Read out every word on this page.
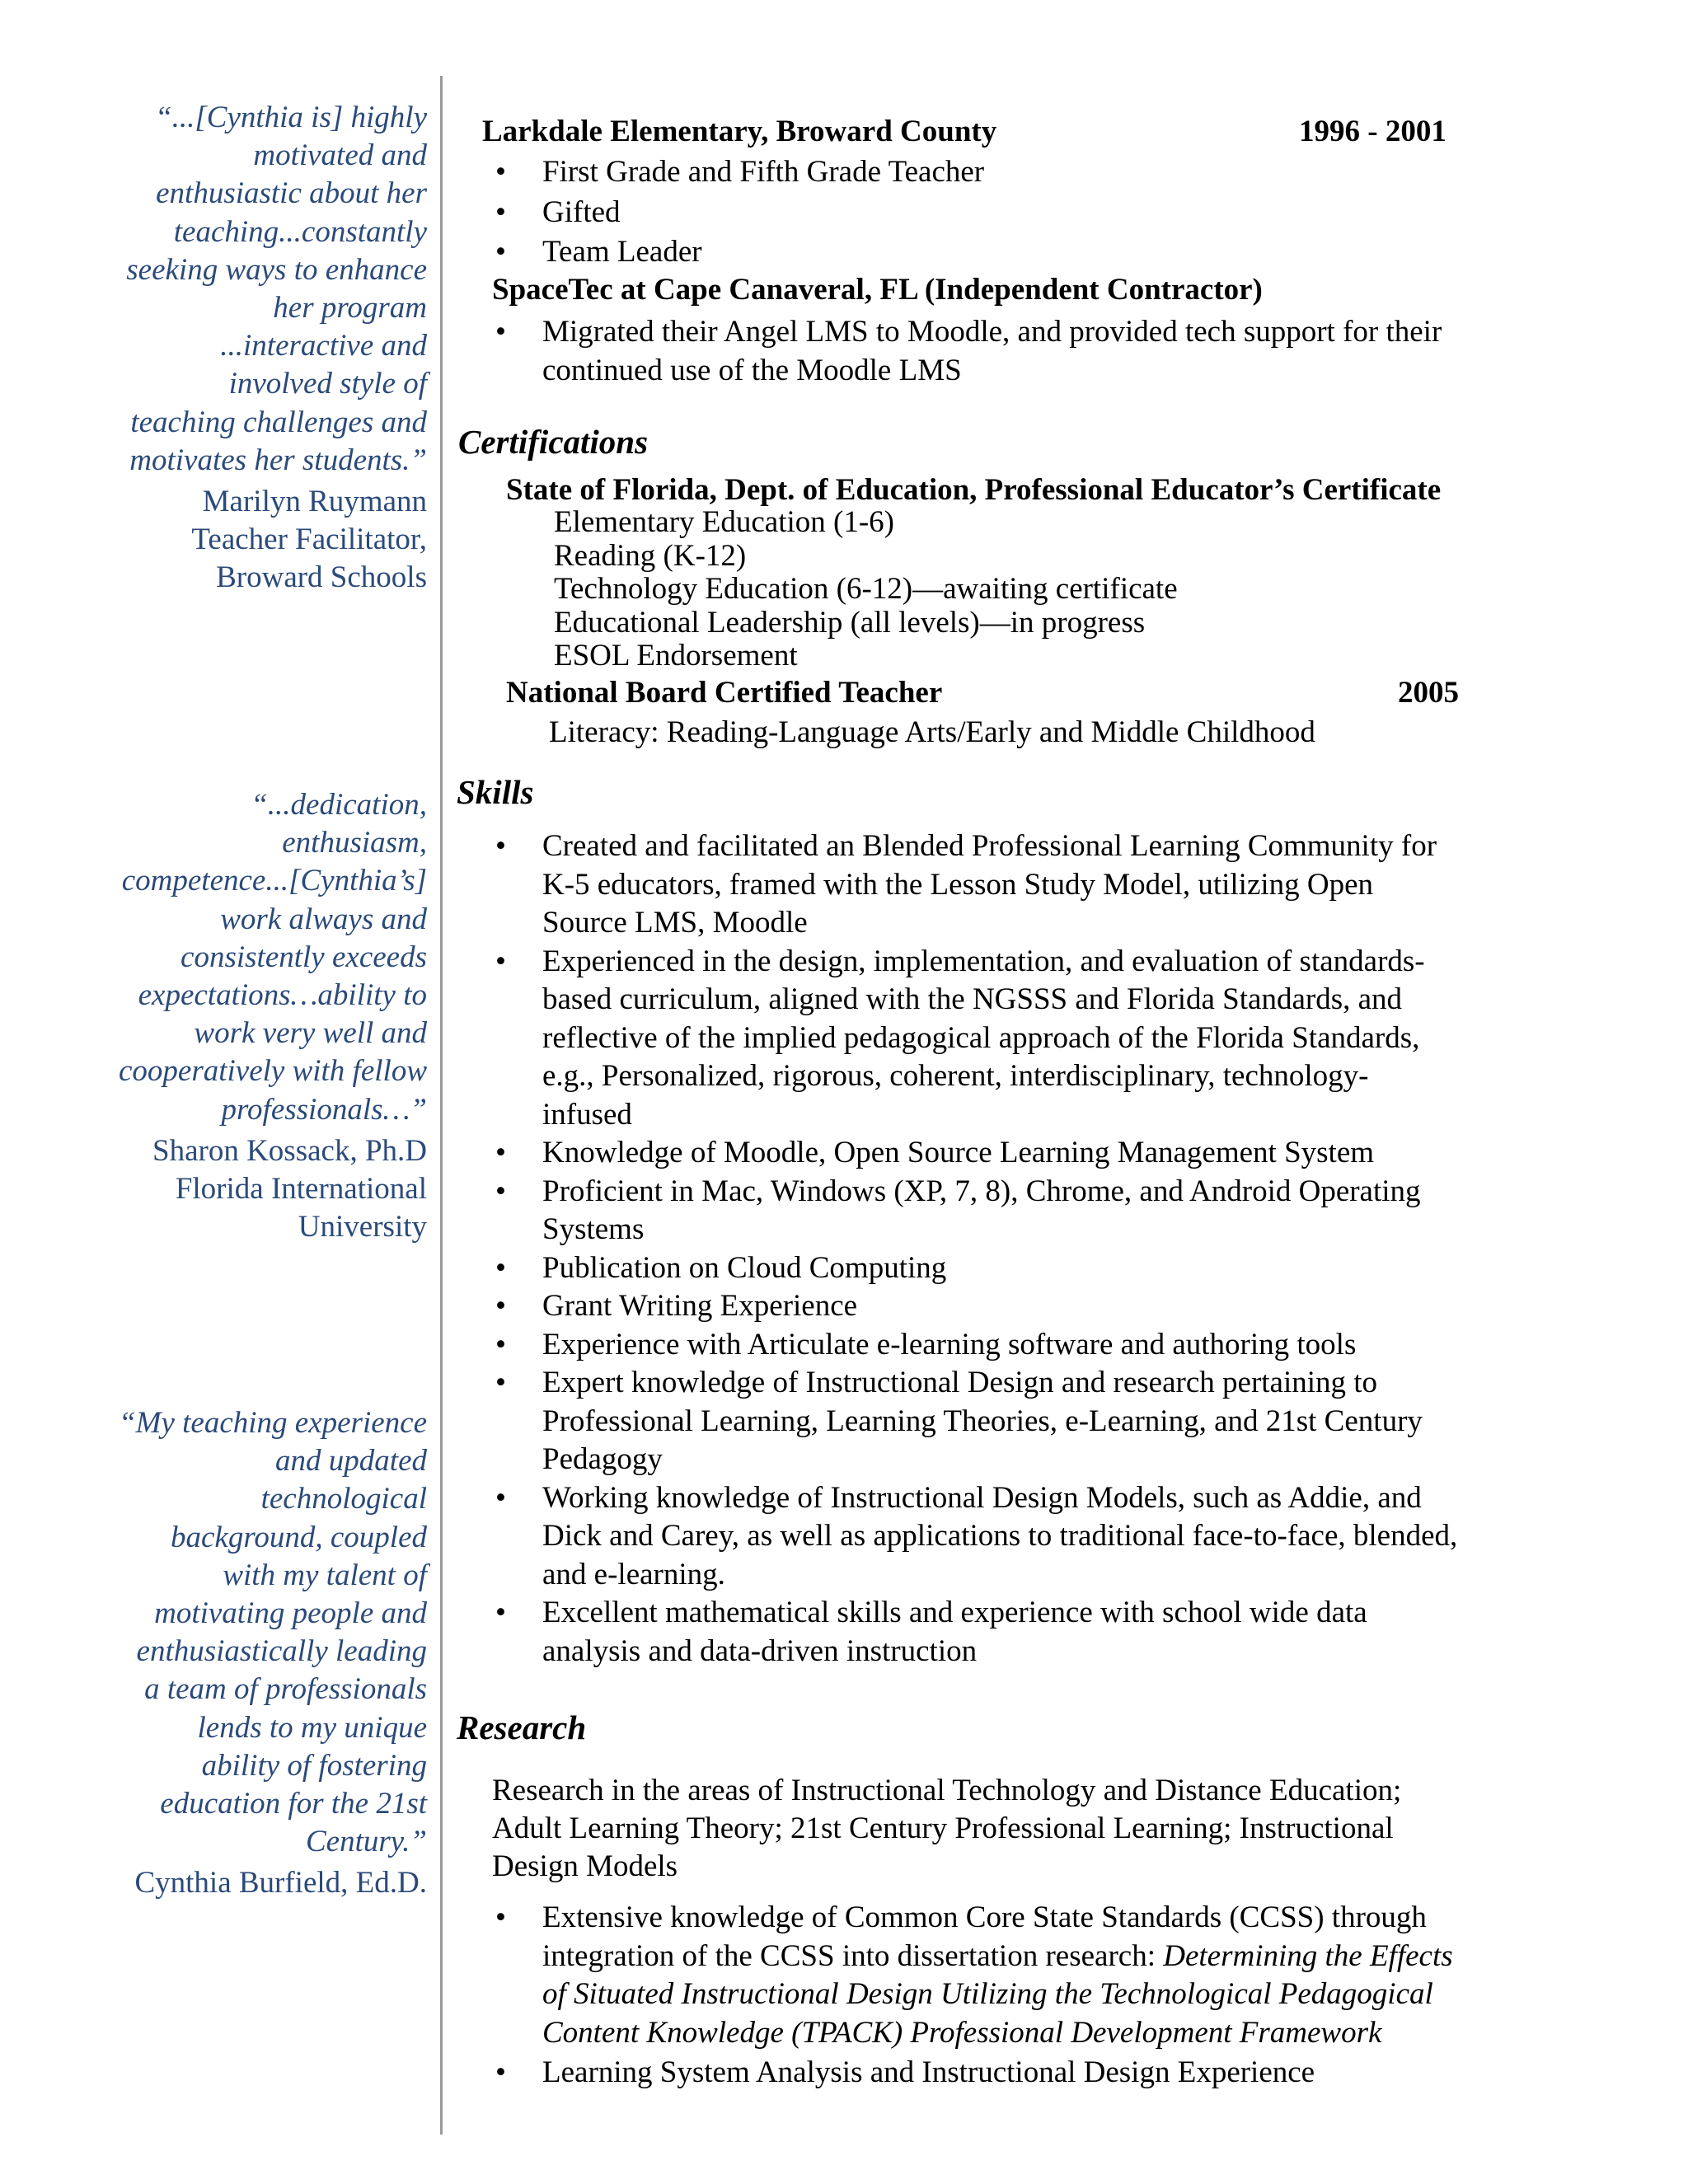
“...[Cynthia is] highly
motivated and
enthusiastic about her
teaching...constantly
seeking ways to enhance
her program
...interactive and
involved style of
teaching challenges and
motivates her students.”

Marilyn Ruymann
Teacher Facilitator,
Broward Schools

“...dedication,
enthusiasm,
competence...[Cynthia’s]
work always and
consistently exceeds
expectations…ability to
work very well and
cooperatively with fellow
professionals…”

Sharon Kossack, Ph.D
Florida International
University

“My teaching experience
and updated
technological
background, coupled
with my talent of
motivating people and
enthusiastically leading
a team of professionals
lends to my unique
ability of fostering
education for the 21st
Century.”

Cynthia Burfield, Ed.D.
Larkdale Elementary, Broward County	1996 - 2001
• First Grade and Fifth Grade Teacher
• Gifted
• Team Leader
SpaceTec at Cape Canaveral, FL (Independent Contractor)
• Migrated their Angel LMS to Moodle, and provided tech support for their
continued use of the Moodle LMS
Certifications
State of Florida, Dept. of Education, Professional Educator’s Certificate
Elementary Education (1-6)
Reading (K-12)
Technology Education (6-12)—awaiting certificate
Educational Leadership (all levels)—in progress
ESOL Endorsement
National Board Certified Teacher	2005
Literacy: Reading-Language Arts/Early and Middle Childhood
Skills
• Created and facilitated an Blended Professional Learning Community for
K-5 educators, framed with the Lesson Study Model, utilizing Open
Source LMS, Moodle
• Experienced in the design, implementation, and evaluation of standards-
based curriculum, aligned with the NGSSS and Florida Standards, and
reflective of the implied pedagogical approach of the Florida Standards,
e.g., Personalized, rigorous, coherent, interdisciplinary, technology-
infused
• Knowledge of Moodle, Open Source Learning Management System
• Proficient in Mac, Windows (XP, 7, 8), Chrome, and Android Operating
Systems
• Publication on Cloud Computing
• Grant Writing Experience
• Experience with Articulate e-learning software and authoring tools
• Expert knowledge of Instructional Design and research pertaining to
Professional Learning, Learning Theories, e-Learning, and 21st Century
Pedagogy
• Working knowledge of Instructional Design Models, such as Addie, and
Dick and Carey, as well as applications to traditional face-to-face, blended,
and e-learning.
• Excellent mathematical skills and experience with school wide data
analysis and data-driven instruction
Research
Research in the areas of Instructional Technology and Distance Education;
Adult Learning Theory; 21st Century Professional Learning; Instructional
Design Models
• Extensive knowledge of Common Core State Standards (CCSS) through
integration of the CCSS into dissertation research: Determining the Effects
of Situated Instructional Design Utilizing the Technological Pedagogical
Content Knowledge (TPACK) Professional Development Framework
• Learning System Analysis and Instructional Design Experience
